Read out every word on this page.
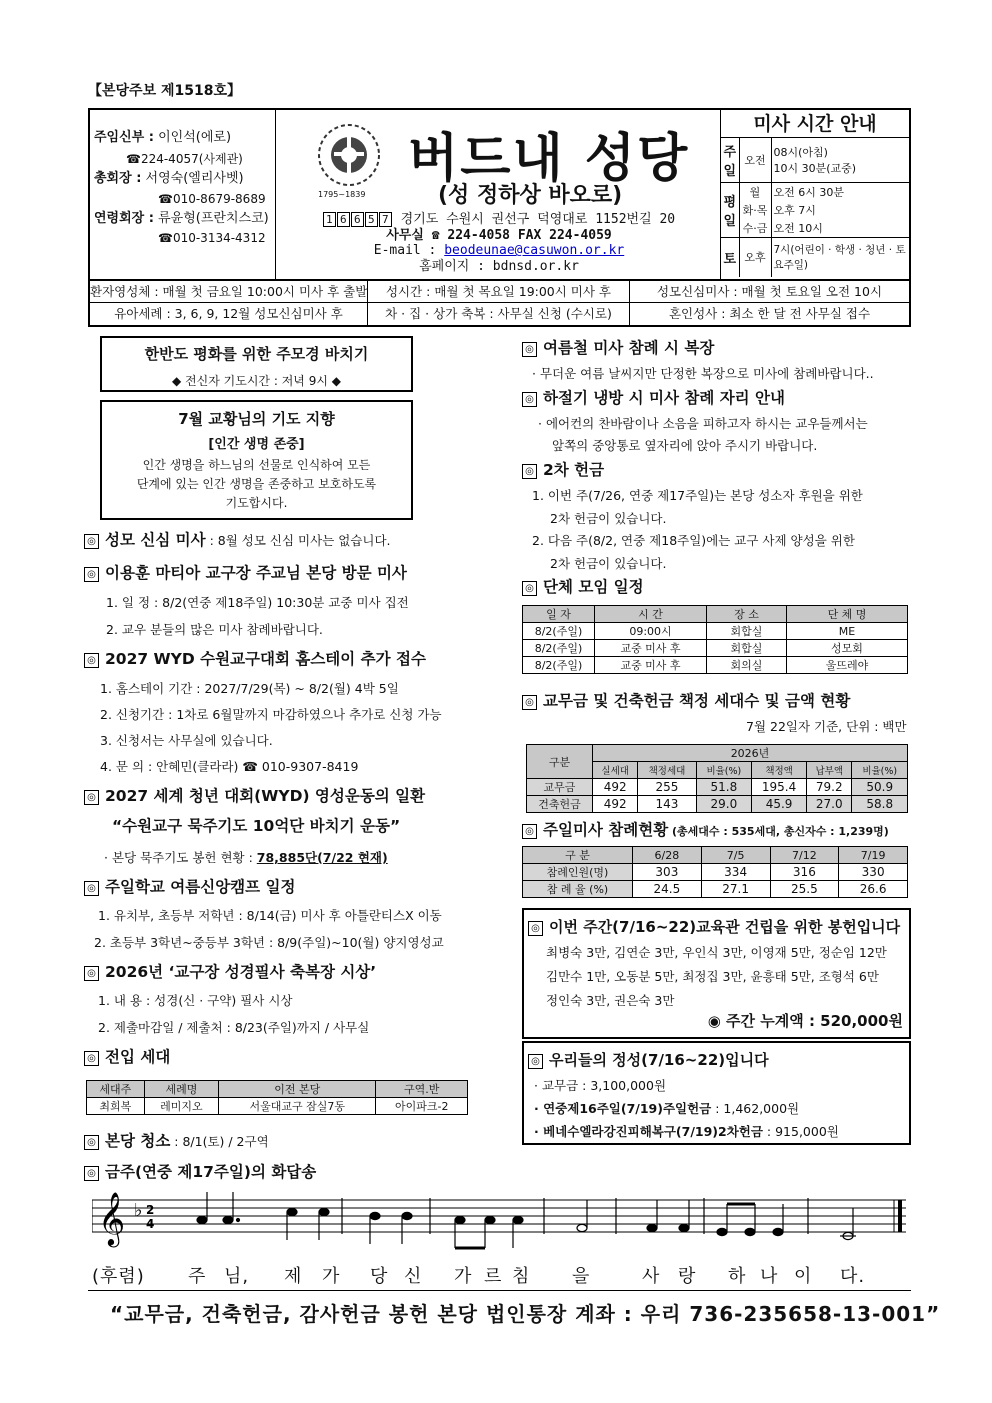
【본당주보 제1518호】
주임신부 :
이인석(에로)
☎224-4057(사제관)
총회장 :
서영숙(엘리사벳)
☎010-8679-8689
연령회장 :
류윤형(프란치스코)
☎010-3134-4312
1795~1839
버드내 성당
(성 정하상 바오로)
1 6 6 5 7 경기도 수원시 권선구 덕영대로 1152번길 20
사무실 ☎ 224-4058 FAX 224-4059
E-mail : beodeunae@casuwon.or.kr
홈페이지 : bdnsd.or.kr
미사 시간 안내
주일	오전	08시(아침)
10시 30분(교중)
평일	월	오전 6시 30분
	화·목	오후 7시
	수·금	오전 10시
토	오후	7시(어린이 · 학생 · 청년 · 토요주일)
환자영성체 : 매월 첫 금요일 10:00시 미사 후 출발	성시간 : 매월 첫 목요일 19:00시 미사 후	성모신심미사 : 매월 첫 토요일 오전 10시
유아세례 : 3, 6, 9, 12월 성모신심미사 후	차 · 집 · 상가 축복 : 사무실 신청 (수시로)	혼인성사 : 최소 한 달 전 사무실 접수
한반도 평화를 위한 주모경 바치기
◆ 전신자 기도시간 : 저녁 9시 ◆
7월 교황님의 기도 지향
[인간 생명 존중]
인간 생명을 하느님의 선물로 인식하여 모든
단계에 있는 인간 생명을 존중하고 보호하도록
기도합시다.
◎ 성모 신심 미사 : 8월 성모 신심 미사는 없습니다.
◎ 이용훈 마티아 교구장 주교님 본당 방문 미사
1. 일 정 : 8/2(연중 제18주일) 10:30분 교중 미사 집전
2. 교우 분들의 많은 미사 참례바랍니다.
◎ 2027 WYD 수원교구대회 홈스테이 추가 접수
1. 홈스테이 기간 : 2027/7/29(목) ~ 8/2(월) 4박 5일
2. 신청기간 : 1차로 6월말까지 마감하였으나 추가로 신청 가능
3. 신청서는 사무실에 있습니다.
4. 문 의 : 안혜민(클라라) ☎ 010-9307-8419
◎ 2027 세계 청년 대회(WYD) 영성운동의 일환
“수원교구 묵주기도 10억단 바치기 운동”
· 본당 묵주기도 봉헌 현황 : 78,885단(7/22 현재)
◎ 주일학교 여름신앙캠프 일정
1. 유치부, 초등부 저학년 : 8/14(금) 미사 후 아틀란티스X 이동
2. 초등부 3학년~중등부 3학년 : 8/9(주일)~10(월) 양지영성교
◎ 2026년 ‘교구장 성경필사 축복장 시상’
1. 내 용 : 성경(신 · 구약) 필사 시상
2. 제출마감일 / 제출처 : 8/23(주일)까지 / 사무실
◎ 전입 세대
세대주	세례명	이전 본당	구역.반
최희복	레미지오	서울대교구 잠실7동	아이파크-2
◎ 본당 청소 : 8/1(토) / 2구역
◎ 금주(연중 제17주일)의 화답송
◎ 여름철 미사 참례 시 복장
· 무더운 여름 날씨지만 단정한 복장으로 미사에 참례바랍니다..
◎ 하절기 냉방 시 미사 참례 자리 안내
· 에어컨의 찬바람이나 소음을 피하고자 하시는 교우들께서는
앞쪽의 중앙통로 옆자리에 앉아 주시기 바랍니다.
◎ 2차 헌금
1. 이번 주(7/26, 연중 제17주일)는 본당 성소자 후원을 위한
2차 헌금이 있습니다.
2. 다음 주(8/2, 연중 제18주일)에는 교구 사제 양성을 위한
2차 헌금이 있습니다.
◎ 단체 모임 일정
일 자	시 간	장 소	단 체 명
8/2(주일)	09:00시	회합실	ME
8/2(주일)	교중 미사 후	회합실	성모회
8/2(주일)	교중 미사 후	회의실	울뜨레야
◎ 교무금 및 건축헌금 책정 세대수 및 금액 현황
7월 22일자 기준, 단위 : 백만
구분	2026년					
	실세대	책정세대	비율(%)	책정액	납부액	비율(%)
교무금	492	255	51.8	195.4	79.2	50.9
건축헌금	492	143	29.0	45.9	27.0	58.8
◎ 주일미사 참례현황 (총세대수 : 535세대, 총신자수 : 1,239명)
구 분	6/28	7/5	7/12	7/19
참례인원(명)	303	334	316	330
참 례 율 (%)	24.5	27.1	25.5	26.6
◎ 이번 주간(7/16~22)교육관 건립을 위한 봉헌입니다
최병숙 3만, 김연순 3만, 우인식 3만, 이영재 5만, 정순임 12만
김만수 1만, 오동분 5만, 최정집 3만, 윤흥태 5만, 조형석 6만
정인숙 3만, 권은숙 3만
◉ 주간 누계액 : 520,000원
◎ 우리들의 정성(7/16~22)입니다
· 교무금 : 3,100,000원
· 연중제16주일(7/19)주일헌금 : 1,462,000원
· 베네수엘라강진피해복구(7/19)2차헌금 : 915,000원
𝄞 ♭ 2
4
(후렴) 주 님, 제 가 당 신 가 르 침 을	사 랑 하 나 이 다.
“교무금, 건축헌금, 감사헌금 봉헌 본당 법인통장 계좌 : 우리 736-235658-13-001”
